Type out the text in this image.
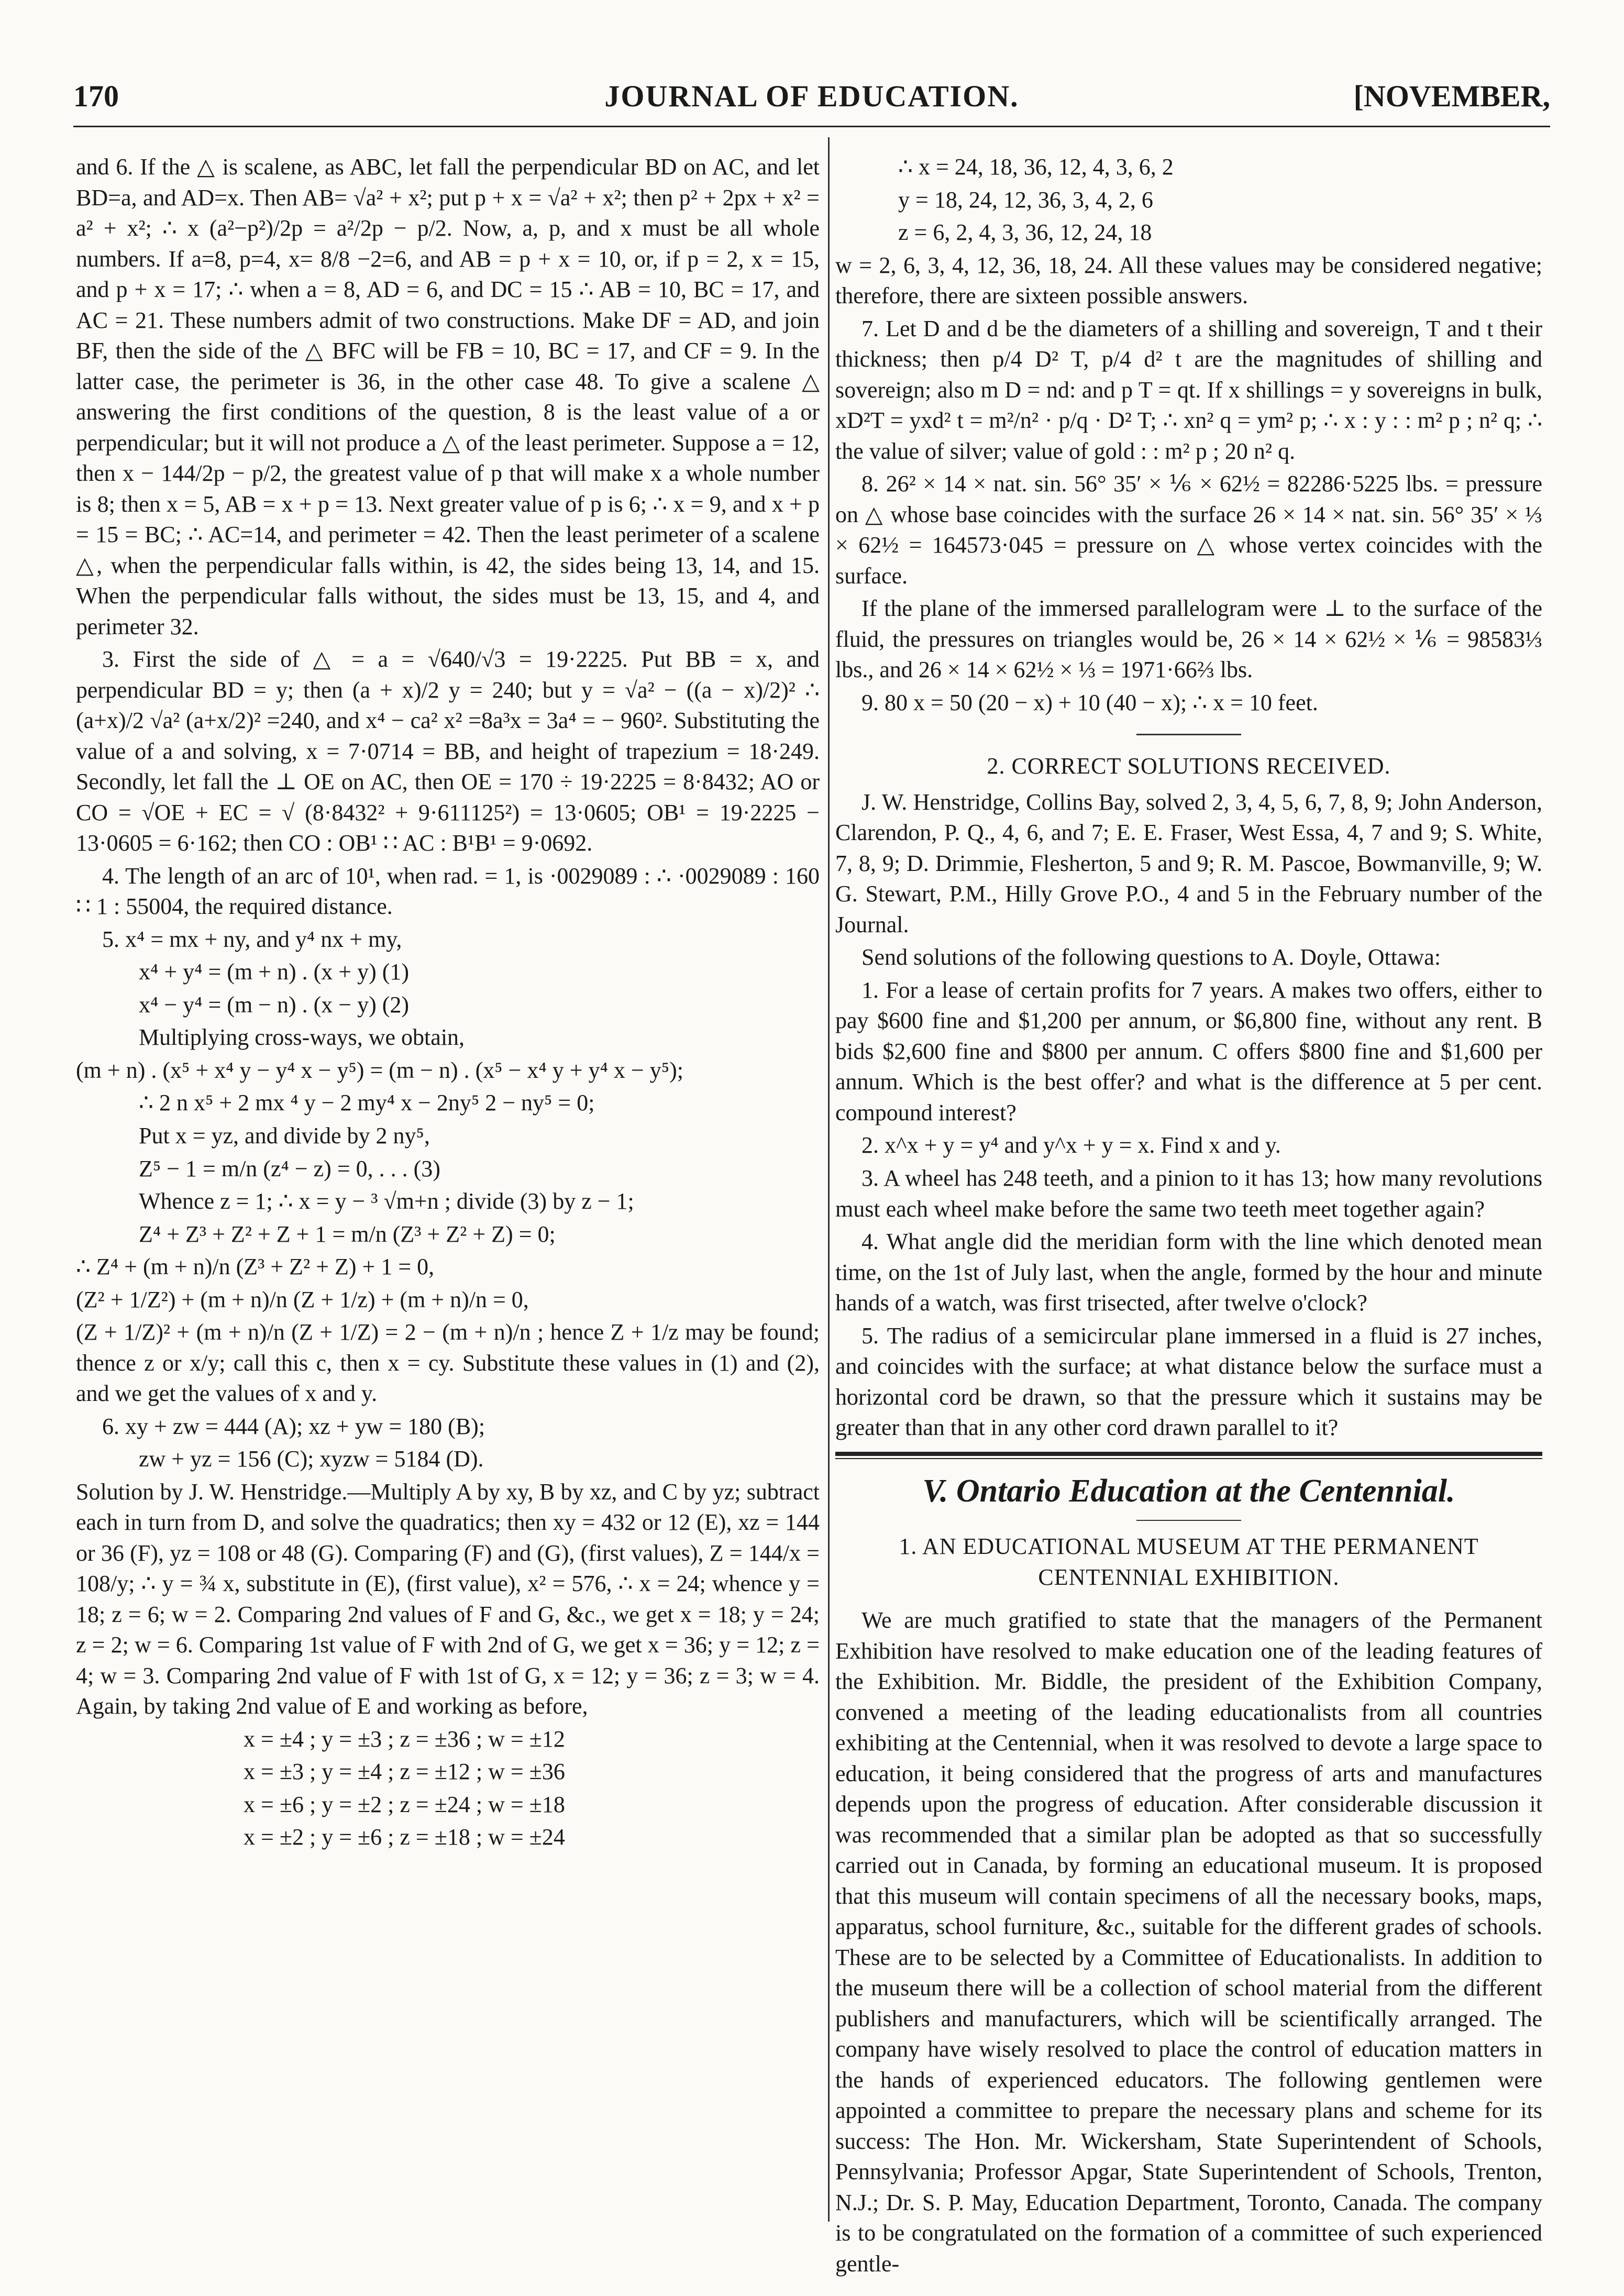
170	JOURNAL OF EDUCATION.	[NOVEMBER,

and 6. If the △ is scalene, as ABC, let fall the perpendicular BD on AC, and let BD=a, and AD=x. Then AB= √a² + x²; put p + x = √a² + x²; then p² + 2px + x² = a² + x²; ∴ x (a²−p²)/2p = a²/2p − p/2. Now, a, p, and x must be all whole numbers. If a=8, p=4, x= 8/8 −2=6, and AB = p + x = 10, or, if p = 2, x = 15, and p + x = 17; ∴ when a = 8, AD = 6, and DC = 15 ∴ AB = 10, BC = 17, and AC = 21. These numbers admit of two constructions. Make DF = AD, and join BF, then the side of the △ BFC will be FB = 10, BC = 17, and CF = 9. In the latter case, the perimeter is 36, in the other case 48. To give a scalene △ answering the first conditions of the question, 8 is the least value of a or perpendicular; but it will not produce a △ of the least perimeter. Suppose a = 12, then x − 144/2p − p/2, the greatest value of p that will make x a whole number is 8; then x = 5, AB = x + p = 13. Next greater value of p is 6; ∴ x = 9, and x + p = 15 = BC; ∴ AC=14, and perimeter = 42. Then the least perimeter of a scalene △, when the perpendicular falls within, is 42, the sides being 13, 14, and 15. When the perpendicular falls without, the sides must be 13, 15, and 4, and perimeter 32.

3. First the side of △ = a = √640/√3 = 19·2225. Put BB = x, and perpendicular BD = y; then (a + x)/2 y = 240; but y = √a² − ((a − x)/2)² ∴ (a+x)/2 √a² (a+x/2)² =240, and x⁴ − ca² x² =8a³x = 3a⁴ = − 960². Substituting the value of a and solving, x = 7·0714 = BB, and height of trapezium = 18·249. Secondly, let fall the ⊥ OE on AC, then OE = 170 ÷ 19·2225 = 8·8432; AO or CO = √OE + EC = √ (8·8432² + 9·611125²) = 13·0605; OB¹ = 19·2225 − 13·0605 = 6·162; then CO : OB¹ ∷ AC : B¹B¹ = 9·0692.

4. The length of an arc of 10¹, when rad. = 1, is ·0029089 : ∴ ·0029089 : 160 ∷ 1 : 55004, the required distance.

5. x⁴ = mx + ny, and y⁴ nx + my,

x⁴ + y⁴ = (m + n) . (x + y) (1)

x⁴ − y⁴ = (m − n) . (x − y) (2)

Multiplying cross-ways, we obtain,

(m + n) . (x⁵ + x⁴ y − y⁴ x − y⁵) = (m − n) . (x⁵ − x⁴ y + y⁴ x − y⁵);

∴ 2 n x⁵ + 2 mx ⁴ y − 2 my⁴ x − 2ny⁵ 2 − ny⁵ = 0;

Put x = yz, and divide by 2 ny⁵,

Z⁵ − 1 = m/n (z⁴ − z) = 0, . . . (3)

Whence z = 1; ∴ x = y − ³ √m+n ; divide (3) by z − 1;

Z⁴ + Z³ + Z² + Z + 1 = m/n (Z³ + Z² + Z) = 0;

∴ Z⁴ + (m + n)/n (Z³ + Z² + Z) + 1 = 0,

(Z² + 1/Z²) + (m + n)/n (Z + 1/z) + (m + n)/n = 0,

(Z + 1/Z)² + (m + n)/n (Z + 1/Z) = 2 − (m + n)/n ; hence Z + 1/z may be found; thence z or x/y; call this c, then x = cy. Substitute these values in (1) and (2), and we get the values of x and y.

6. xy + zw = 444 (A); xz + yw = 180 (B);

zw + yz = 156 (C); xyzw = 5184 (D).

Solution by J. W. Henstridge.—Multiply A by xy, B by xz, and C by yz; subtract each in turn from D, and solve the quadratics; then xy = 432 or 12 (E), xz = 144 or 36 (F), yz = 108 or 48 (G). Comparing (F) and (G), (first values), Z = 144/x = 108/y; ∴ y = ¾ x, substitute in (E), (first value), x² = 576, ∴ x = 24; whence y = 18; z = 6; w = 2. Comparing 2nd values of F and G, &c., we get x = 18; y = 24; z = 2; w = 6. Comparing 1st value of F with 2nd of G, we get x = 36; y = 12; z = 4; w = 3. Comparing 2nd value of F with 1st of G, x = 12; y = 36; z = 3; w = 4. Again, by taking 2nd value of E and working as before,

x = ±4 ; y = ±3 ; z = ±36 ; w = ±12

x = ±3 ; y = ±4 ; z = ±12 ; w = ±36

x = ±6 ; y = ±2 ; z = ±24 ; w = ±18

x = ±2 ; y = ±6 ; z = ±18 ; w = ±24

∴ x = 24, 18, 36, 12, 4, 3, 6, 2

y = 18, 24, 12, 36, 3, 4, 2, 6

z = 6, 2, 4, 3, 36, 12, 24, 18

w = 2, 6, 3, 4, 12, 36, 18, 24. All these values may be considered negative; therefore, there are sixteen possible answers.

7. Let D and d be the diameters of a shilling and sovereign, T and t their thickness; then p/4 D² T, p/4 d² t are the magnitudes of shilling and sovereign; also m D = nd: and p T = qt. If x shillings = y sovereigns in bulk, xD²T = yxd² t = m²/n² · p/q · D² T; ∴ xn² q = ym² p; ∴ x : y : : m² p ; n² q; ∴ the value of silver; value of gold : : m² p ; 20 n² q.

8. 26² × 14 × nat. sin. 56° 35′ × ⅙ × 62½ = 82286·5225 lbs. = pressure on △ whose base coincides with the surface 26 × 14 × nat. sin. 56° 35′ × ⅓ × 62½ = 164573·045 = pressure on △ whose vertex coincides with the surface.

If the plane of the immersed parallelogram were ⊥ to the surface of the fluid, the pressures on triangles would be, 26 × 14 × 62½ × ⅙ = 98583⅓ lbs., and 26 × 14 × 62½ × ⅓ = 1971·66⅔ lbs.

9. 80 x = 50 (20 − x) + 10 (40 − x); ∴ x = 10 feet.

2. CORRECT SOLUTIONS RECEIVED.

J. W. Henstridge, Collins Bay, solved 2, 3, 4, 5, 6, 7, 8, 9; John Anderson, Clarendon, P. Q., 4, 6, and 7; E. E. Fraser, West Essa, 4, 7 and 9; S. White, 7, 8, 9; D. Drimmie, Flesherton, 5 and 9; R. M. Pascoe, Bowmanville, 9; W. G. Stewart, P.M., Hilly Grove P.O., 4 and 5 in the February number of the Journal.

Send solutions of the following questions to A. Doyle, Ottawa:

1. For a lease of certain profits for 7 years. A makes two offers, either to pay $600 fine and $1,200 per annum, or $6,800 fine, without any rent. B bids $2,600 fine and $800 per annum. C offers $800 fine and $1,600 per annum. Which is the best offer? and what is the difference at 5 per cent. compound interest?

2. x^x + y = y⁴ and y^x + y = x. Find x and y.

3. A wheel has 248 teeth, and a pinion to it has 13; how many revolutions must each wheel make before the same two teeth meet together again?

4. What angle did the meridian form with the line which denoted mean time, on the 1st of July last, when the angle, formed by the hour and minute hands of a watch, was first trisected, after twelve o'clock?

5. The radius of a semicircular plane immersed in a fluid is 27 inches, and coincides with the surface; at what distance below the surface must a horizontal cord be drawn, so that the pressure which it sustains may be greater than that in any other cord drawn parallel to it?

V. Ontario Education at the Centennial.
1. AN EDUCATIONAL MUSEUM AT THE PERMANENT CENTENNIAL EXHIBITION.

We are much gratified to state that the managers of the Permanent Exhibition have resolved to make education one of the leading features of the Exhibition. Mr. Biddle, the president of the Exhibition Company, convened a meeting of the leading educationalists from all countries exhibiting at the Centennial, when it was resolved to devote a large space to education, it being considered that the progress of arts and manufactures depends upon the progress of education. After considerable discussion it was recommended that a similar plan be adopted as that so successfully carried out in Canada, by forming an educational museum. It is proposed that this museum will contain specimens of all the necessary books, maps, apparatus, school furniture, &c., suitable for the different grades of schools. These are to be selected by a Committee of Educationalists. In addition to the museum there will be a collection of school material from the different publishers and manufacturers, which will be scientifically arranged. The company have wisely resolved to place the control of education matters in the hands of experienced educators. The following gentlemen were appointed a committee to prepare the necessary plans and scheme for its success: The Hon. Mr. Wickersham, State Superintendent of Schools, Pennsylvania; Professor Apgar, State Superintendent of Schools, Trenton, N.J.; Dr. S. P. May, Education Department, Toronto, Canada. The company is to be congratulated on the formation of a committee of such experienced gentle-
